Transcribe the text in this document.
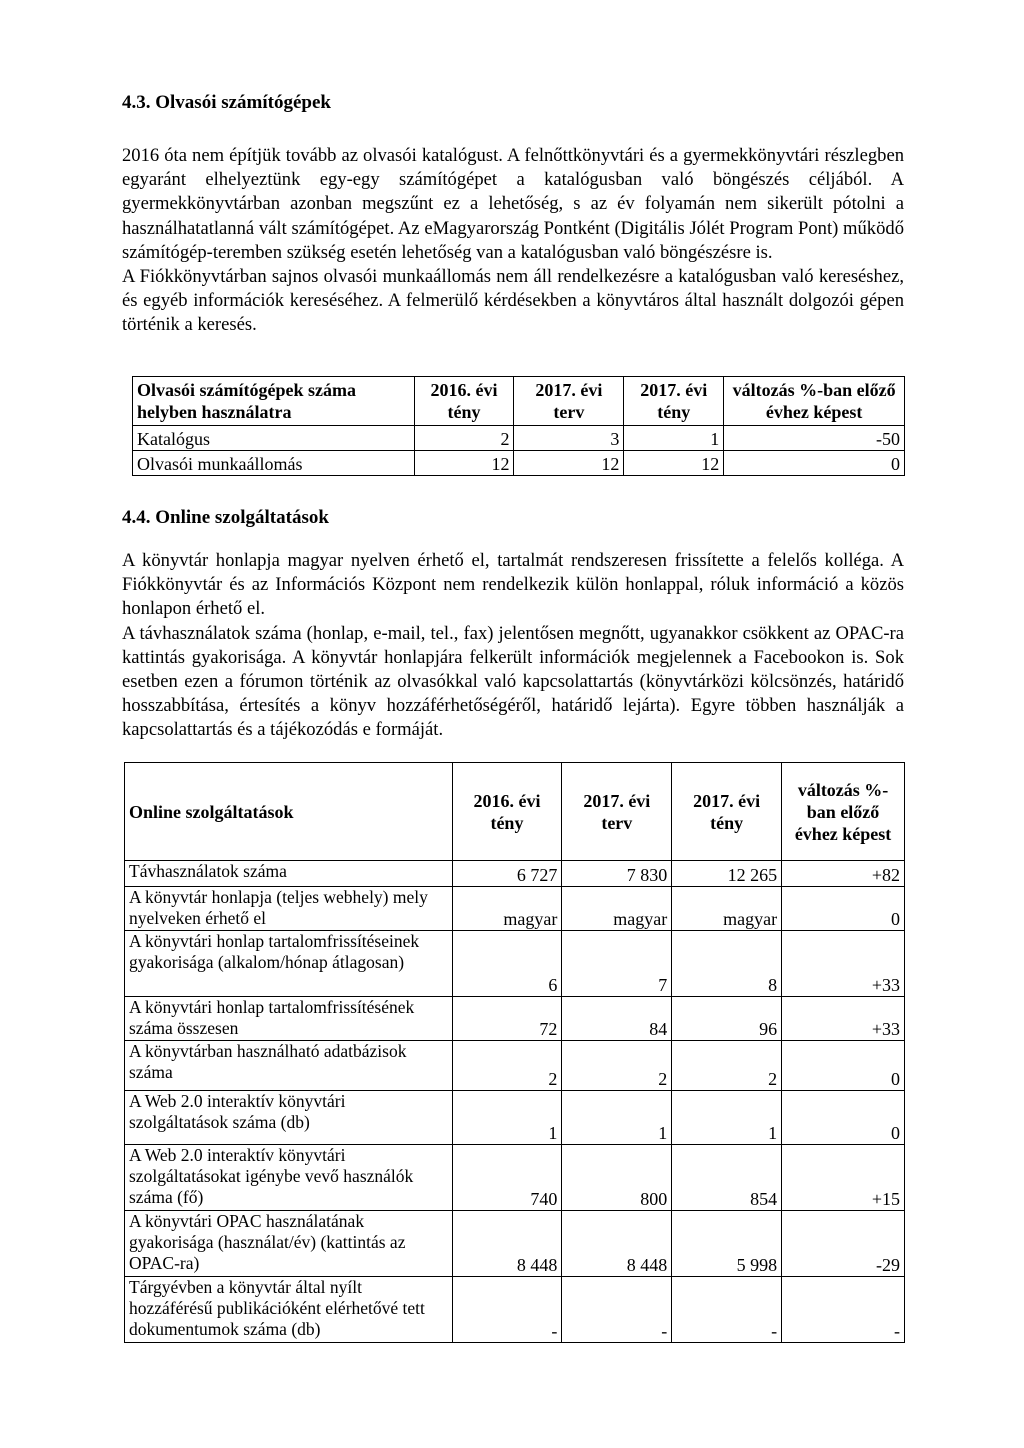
4.3. Olvasói számítógépek

2016 óta nem építjük tovább az olvasói katalógust. A felnőttkönyvtári és a gyermekkönyvtári részlegben egyaránt elhelyeztünk egy-egy számítógépet a katalógusban való böngészés céljából. A gyermekkönyvtárban azonban megszűnt ez a lehetőség, s az év folyamán nem sikerült pótolni a használhatatlanná vált számítógépet. Az eMagyarország Pontként (Digitális Jólét Program Pont) működő számítógép-teremben szükség esetén lehetőség van a katalógusban való böngészésre is.

A Fiókkönyvtárban sajnos olvasói munkaállomás nem áll rendelkezésre a katalógusban való kereséshez, és egyéb információk kereséséhez. A felmerülő kérdésekben a könyvtáros által használt dolgozói gépen történik a keresés.

Olvasói számítógépek száma helyben használatra	2016. évi tény	2017. évi terv	2017. évi tény	változás %-ban előző évhez képest
Katalógus	2	3	1	-50
Olvasói munkaállomás	12	12	12	0
4.4. Online szolgáltatások

A könyvtár honlapja magyar nyelven érhető el, tartalmát rendszeresen frissítette a felelős kolléga. A Fiókkönyvtár és az Információs Központ nem rendelkezik külön honlappal, róluk információ a közös honlapon érhető el.

A távhasználatok száma (honlap, e-mail, tel., fax) jelentősen megnőtt, ugyanakkor csökkent az OPAC-ra kattintás gyakorisága. A könyvtár honlapjára felkerült információk megjelennek a Facebookon is. Sok esetben ezen a fórumon történik az olvasókkal való kapcsolattartás (könyvtárközi kölcsönzés, határidő hosszabbítása, értesítés a könyv hozzáférhetőségéről, határidő lejárta). Egyre többen használják a kapcsolattartás és a tájékozódás e formáját.

Online szolgáltatások	2016. évi tény	2017. évi terv	2017. évi tény	változás %-ban előző évhez képest
Távhasználatok száma	6 727	7 830	12 265	+82
A könyvtár honlapja (teljes webhely) mely nyelveken érhető el	magyar	magyar	magyar	0
A könyvtári honlap tartalomfrissítéseinek gyakorisága (alkalom/hónap átlagosan)	6	7	8	+33
A könyvtári honlap tartalomfrissítésének száma összesen	72	84	96	+33
A könyvtárban használható adatbázisok száma	2	2	2	0
A Web 2.0 interaktív könyvtári szolgáltatások száma (db)	1	1	1	0
A Web 2.0 interaktív könyvtári szolgáltatásokat igénybe vevő használók száma (fő)	740	800	854	+15
A könyvtári OPAC használatának gyakorisága (használat/év) (kattintás az OPAC-ra)	8 448	8 448	5 998	-29
Tárgyévben a könyvtár által nyílt hozzáférésű publikációként elérhetővé tett dokumentumok száma (db)	-	-	-	-
